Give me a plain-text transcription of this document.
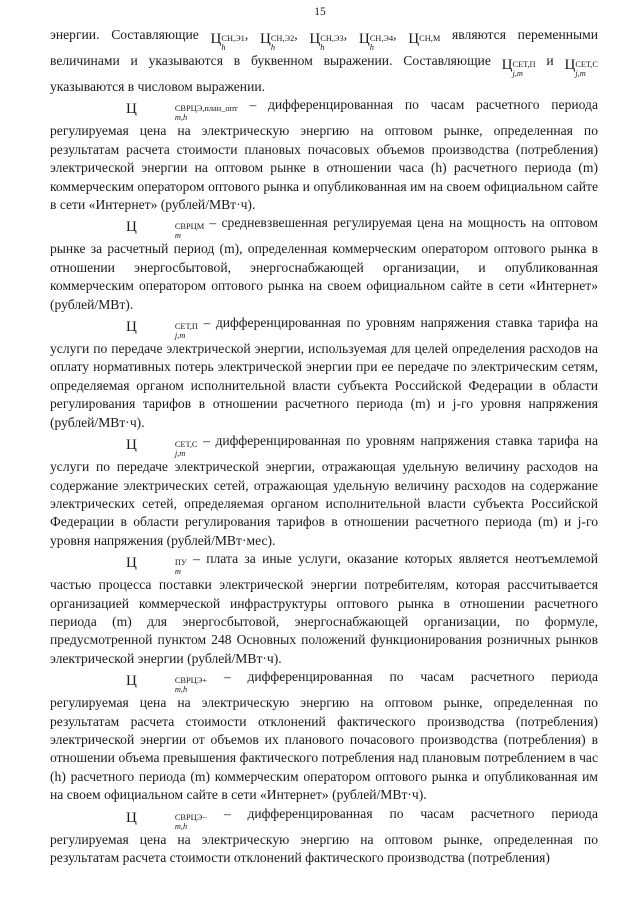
15

энергии. Составляющие Ц СН,Э1
h
, Ц СН,Э2
h
, Ц СН,Э3
h
, Ц СН,Э4
h
, Ц СН,М являются переменными величинами и указываются в буквенном выражении. Составляющие Ц СЕТ,П
j,m
и Ц СЕТ,С
j,m
указываются в числовом выражении.

Ц	СВРЦЭ,план_опт
m,h
– дифференцированная по часам расчетного периода регулируемая цена на электрическую энергию на оптовом рынке, определенная по результатам расчета стоимости плановых почасовых объемов производства (потребления) электрической энергии на оптовом рынке в отношении часа (h) расчетного периода (m) коммерческим оператором оптового рынка и опубликованная им на своем официальном сайте в сети «Интернет» (рублей/МВт·ч).

Ц	СВРЦМ
m
– средневзвешенная регулируемая цена на мощность на оптовом рынке за расчетный период (m), определенная коммерческим оператором оптового рынка в отношении энергосбытовой, энергоснабжающей организации, и опубликованная коммерческим оператором оптового рынка на своем официальном сайте в сети «Интернет» (рублей/МВт).

Ц	СЕТ,П
j,m
– дифференцированная по уровням напряжения ставка тарифа на услуги по передаче электрической энергии, используемая для целей определения расходов на оплату нормативных потерь электрической энергии при ее передаче по электрическим сетям, определяемая органом исполнительной власти субъекта Российской Федерации в области регулирования тарифов в отношении расчетного периода (m) и j-го уровня напряжения (рублей/МВт·ч).

Ц	СЕТ,С
j,m
– дифференцированная по уровням напряжения ставка тарифа на услуги по передаче электрической энергии, отражающая удельную величину расходов на содержание электрических сетей, отражающая удельную величину расходов на содержание электрических сетей, определяемая органом исполнительной власти субъекта Российской Федерации в области регулирования тарифов в отношении расчетного периода (m) и j-го уровня напряжения (рублей/МВт·мес).

Ц	ПУ
m
– плата за иные услуги, оказание которых является неотъемлемой частью процесса поставки электрической энергии потребителям, которая рассчитывается организацией коммерческой инфраструктуры оптового рынка в отношении расчетного периода (m) для энергосбытовой, энергоснабжающей организации, по формуле, предусмотренной пунктом 248 Основных положений функционирования розничных рынков электрической энергии (рублей/МВт·ч).

Ц	СВРЦЭ+
m,h
– дифференцированная по часам расчетного периода регулируемая цена на электрическую энергию на оптовом рынке, определенная по результатам расчета стоимости отклонений фактического производства (потребления) электрической энергии от объемов их планового почасового производства (потребления) в отношении объема превышения фактического потребления над плановым потреблением в час (h) расчетного периода (m) коммерческим оператором оптового рынка и опубликованная им на своем официальном сайте в сети «Интернет» (рублей/МВт·ч).

Ц	СВРЦЭ−
m,h
– дифференцированная по часам расчетного периода регулируемая цена на электрическую энергию на оптовом рынке, определенная по результатам расчета стоимости отклонений фактического производства (потребления)
